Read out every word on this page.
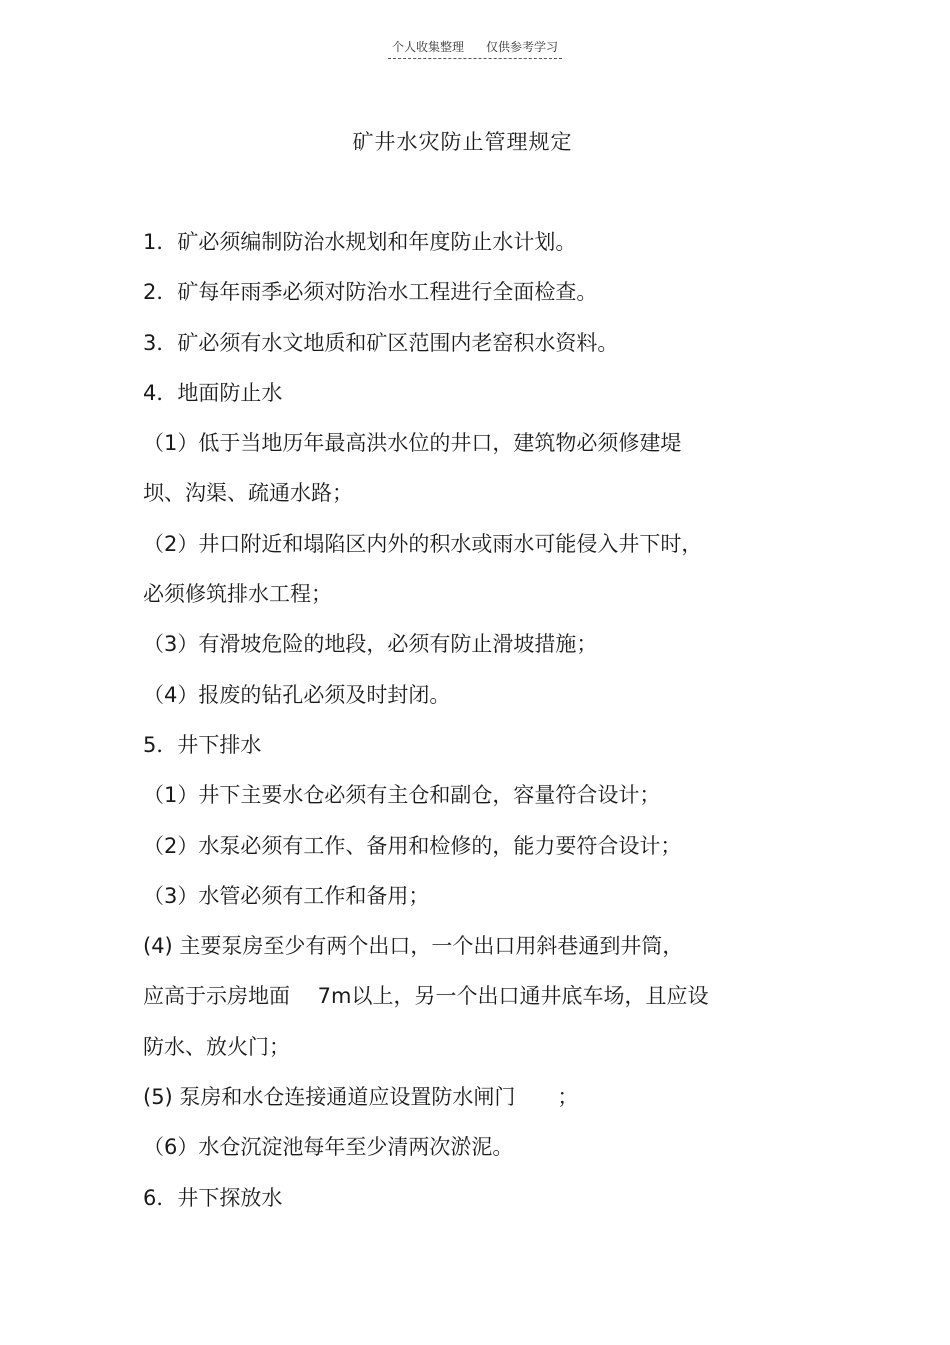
个人收集整理 仅供参考学习
矿井水灾防止管理规定
1．矿必须编制防治水规划和年度防止水计划。
2．矿每年雨季必须对防治水工程进行全面检查。
3．矿必须有水文地质和矿区范围内老窑积水资料。
4．地面防止水
（1）低于当地历年最高洪水位的井口，建筑物必须修建堤
坝、沟渠、疏通水路；
（2）井口附近和塌陷区内外的积水或雨水可能侵入井下时，
必须修筑排水工程；
（3）有滑坡危险的地段，必须有防止滑坡措施；
（4）报废的钻孔必须及时封闭。
5．井下排水
（1）井下主要水仓必须有主仓和副仓，容量符合设计；
（2）水泵必须有工作、备用和检修的，能力要符合设计；
（3）水管必须有工作和备用；
(4) 主要泵房至少有两个出口，一个出口用斜巷通到井筒，
应高于示房地面　 7m以上，另一个出口通井底车场，且应设
防水、放火门；
(5) 泵房和水仓连接通道应设置防水闸门　　；
（6）水仓沉淀池每年至少清两次淤泥。
6．井下探放水
